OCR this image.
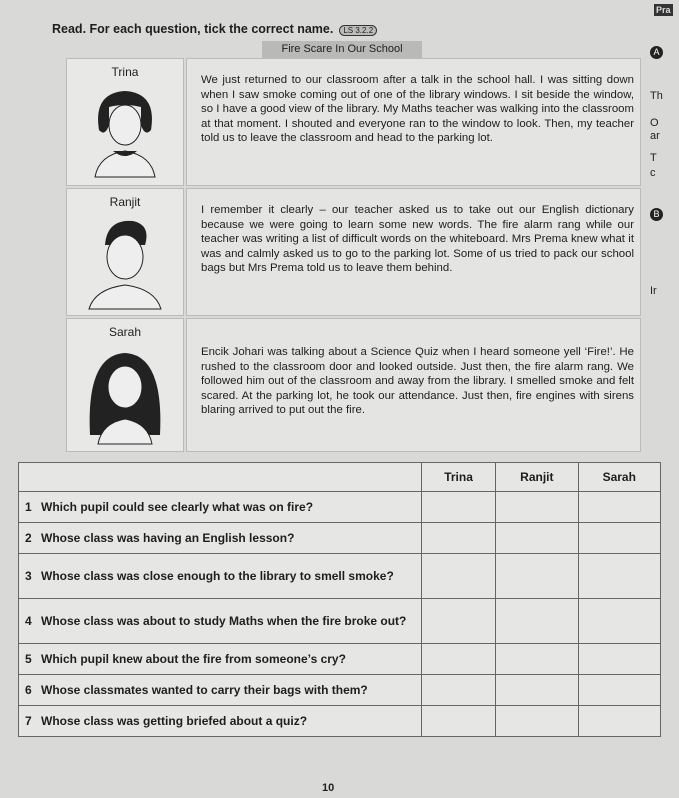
Read. For each question, tick the correct name. LS 3.2.2
Fire Scare In Our School
Trina
We just returned to our classroom after a talk in the school hall. I was sitting down when I saw smoke coming out of one of the library windows. I sit beside the window, so I have a good view of the library. My Maths teacher was walking into the classroom at that moment. I shouted and everyone ran to the window to look. Then, my teacher told us to leave the classroom and head to the parking lot.
Ranjit
I remember it clearly – our teacher asked us to take out our English dictionary because we were going to learn some new words. The fire alarm rang while our teacher was writing a list of difficult words on the whiteboard. Mrs Prema knew what it was and calmly asked us to go to the parking lot. Some of us tried to pack our school bags but Mrs Prema told us to leave them behind.
Sarah
Encik Johari was talking about a Science Quiz when I heard someone yell ‘Fire!’. He rushed to the classroom door and looked outside. Just then, the fire alarm rang. We followed him out of the classroom and away from the library. I smelled smoke and felt scared. At the parking lot, he took our attendance. Just then, fire engines with sirens blaring arrived to put out the fire.
	Trina	Ranjit	Sarah
1 Which pupil could see clearly what was on fire?			
2 Whose class was having an English lesson?			
3 Whose class was close enough to the library to smell smoke?			
4 Whose class was about to study Maths when the fire broke out?			
5 Which pupil knew about the fire from someone’s cry?			
6 Whose classmates wanted to carry their bags with them?			
7 Whose class was getting briefed about a quiz?			
10
Pra
A
B
Th
O
ar
T
c
Ir
